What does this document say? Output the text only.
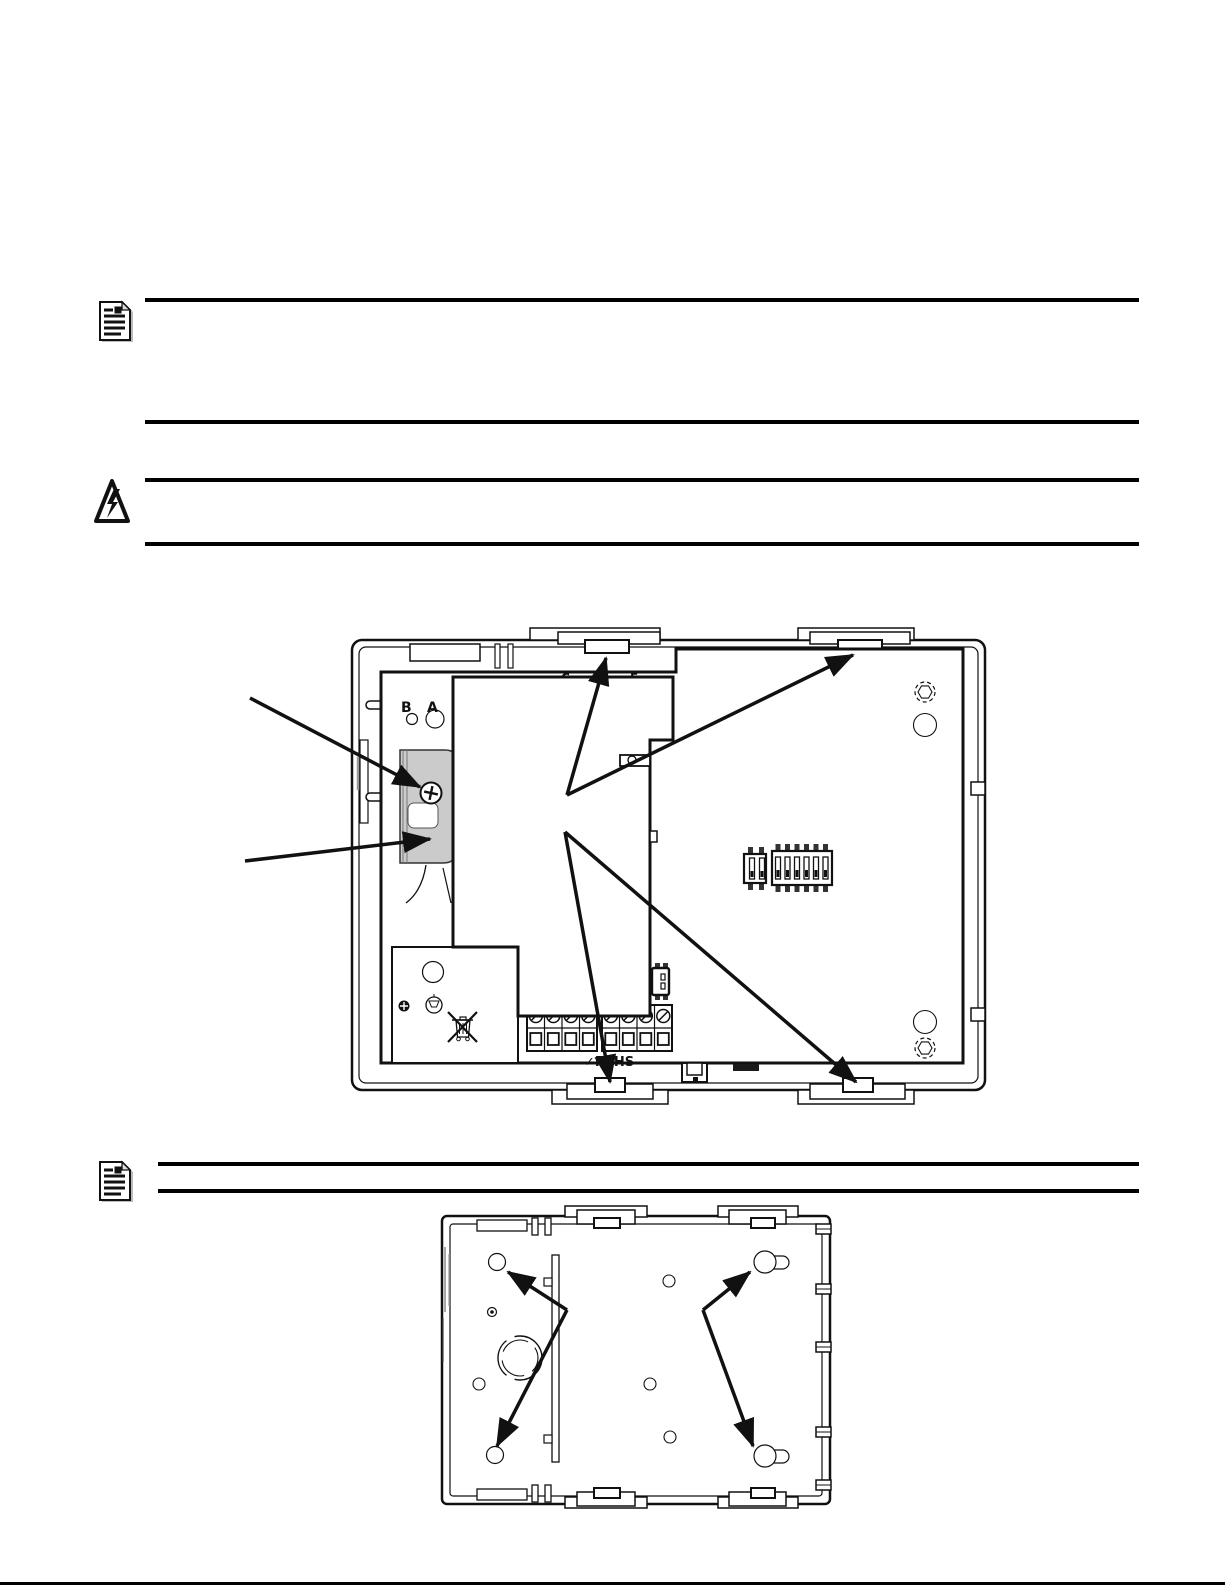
B A
✓RoHS
